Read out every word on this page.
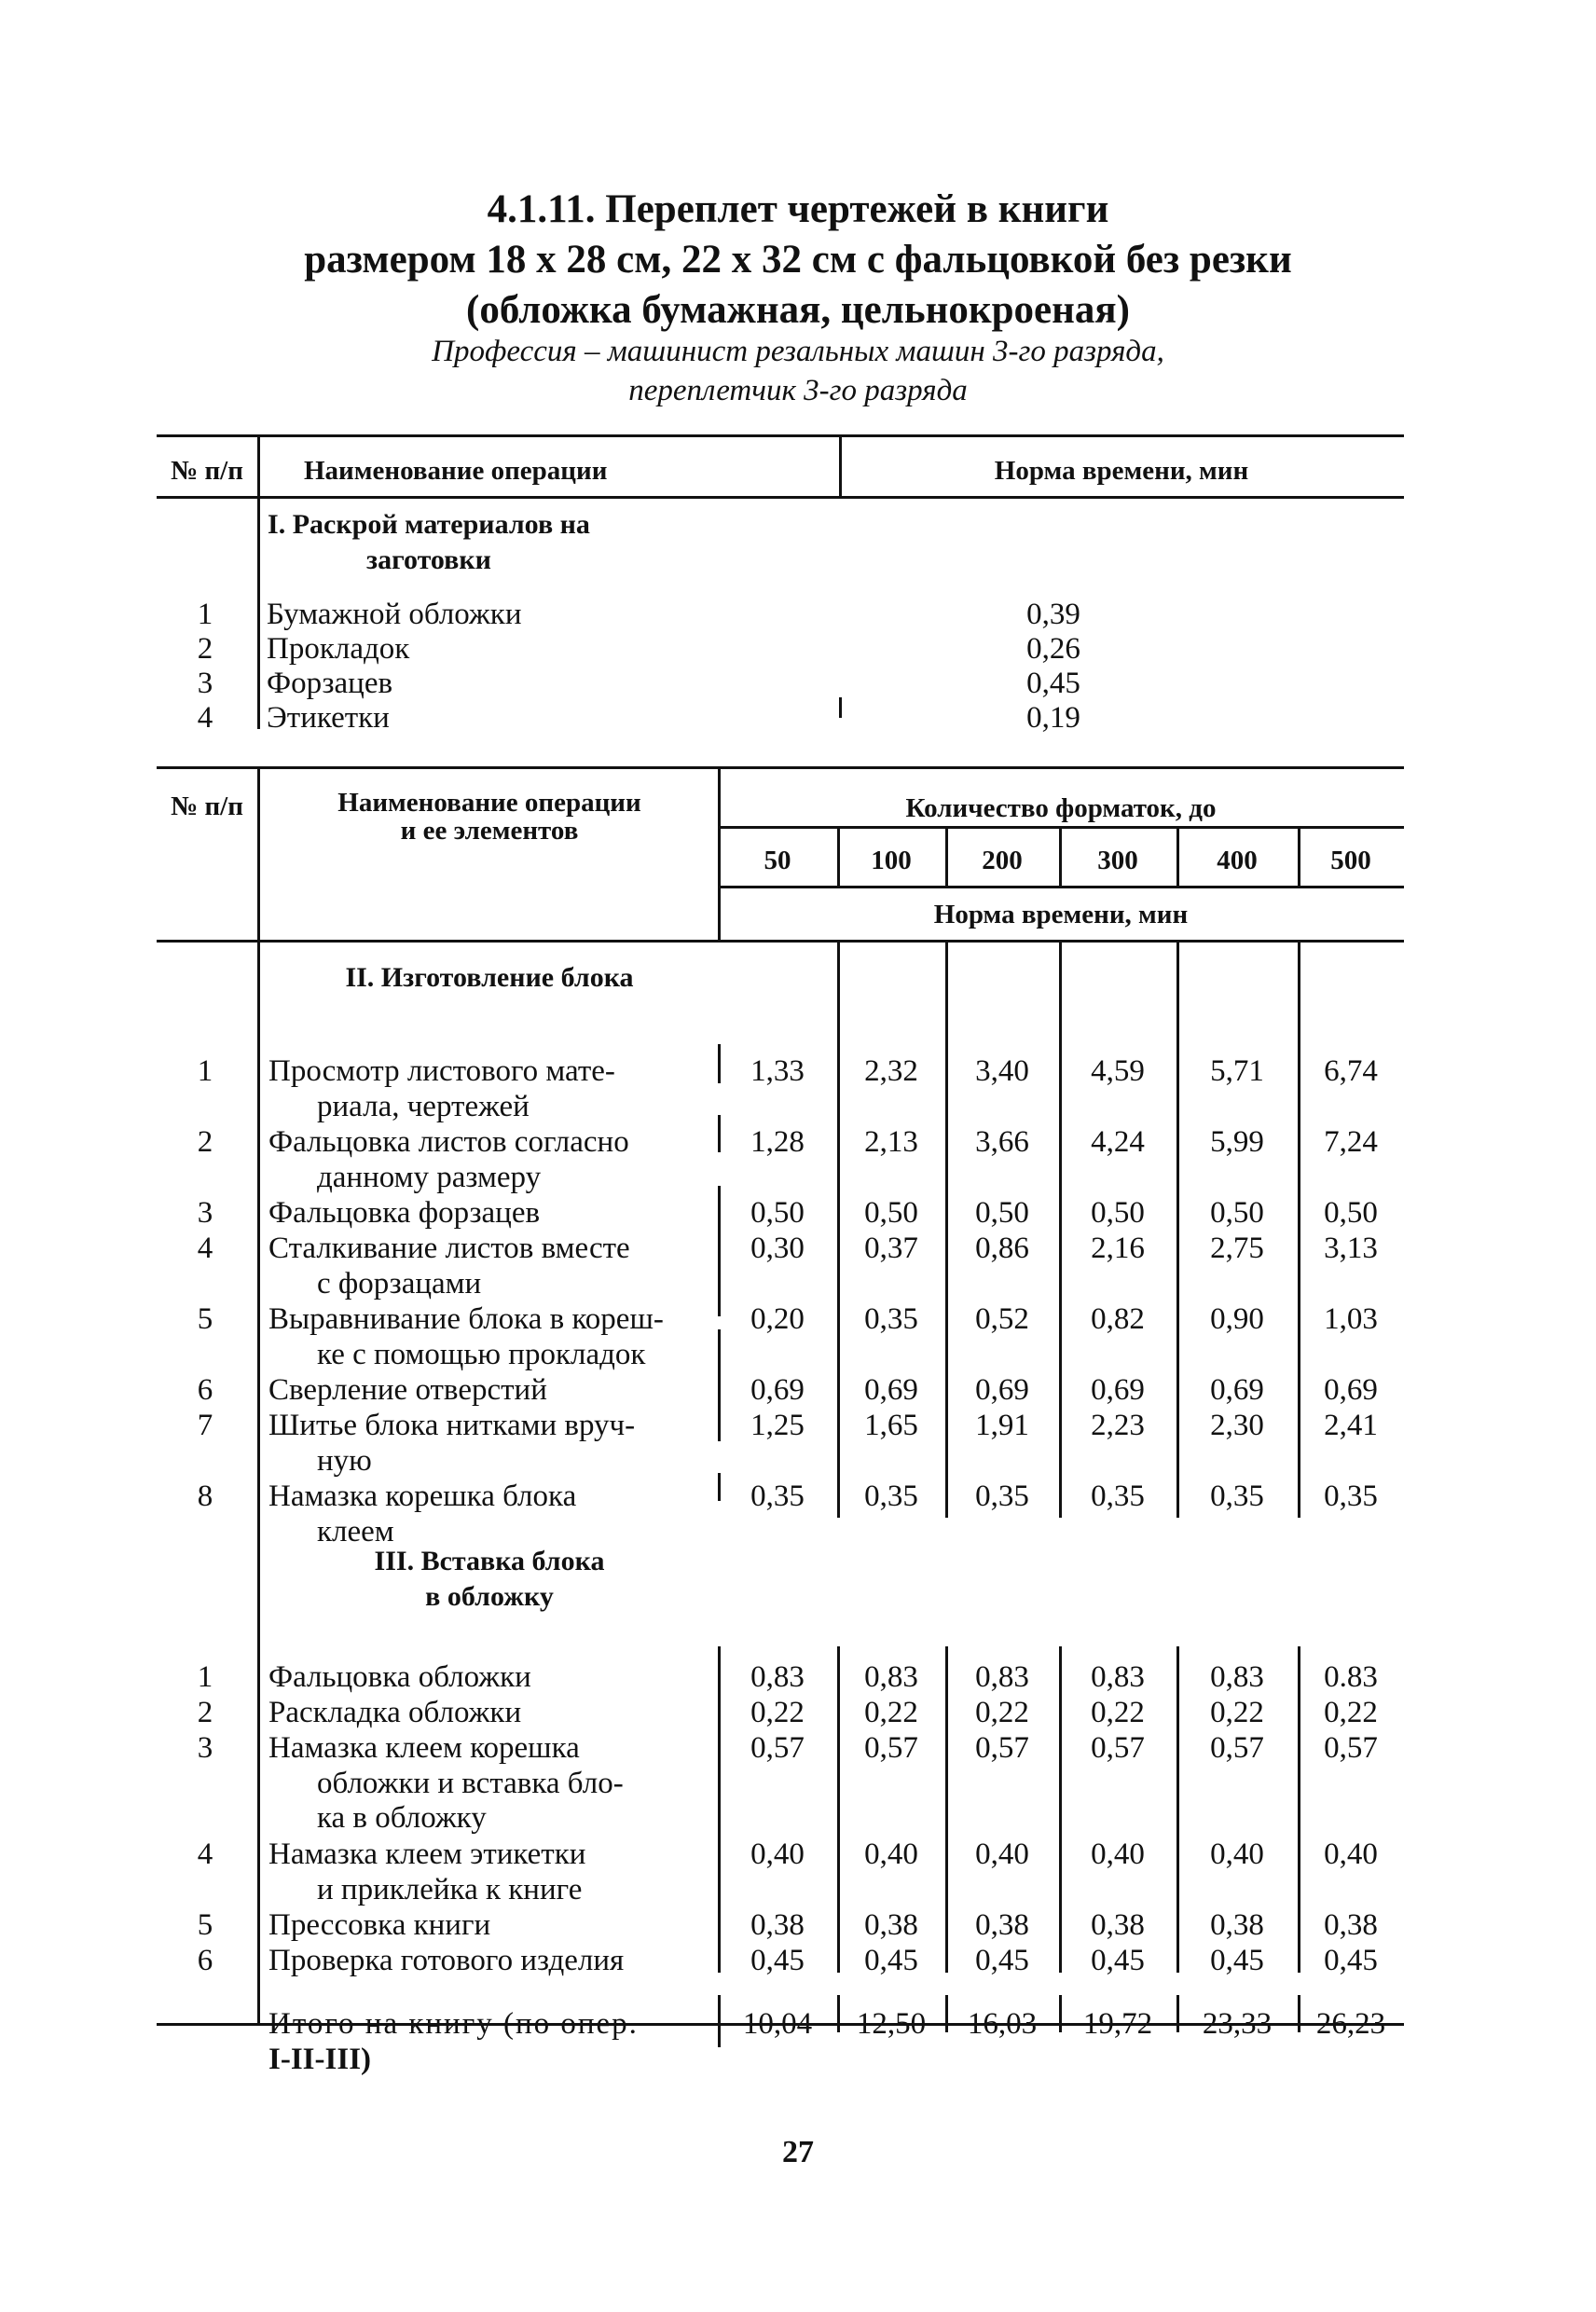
4.1.11. Переплет чертежей в книги
размером 18 x 28 см, 22 x 32 см с фальцовкой без резки
(обложка бумажная, цельнокроеная)
Профессия – машинист резальных машин 3-го разряда,
переплетчик 3-го разряда
№ п/п	Наименование операции	Норма времени, мин
I. Раскрой материалов на
заготовки
1	Бумажной обложки	0,39
2	Прокладок	0,26
3	Форзацев	0,45
4	Этикетки	0,19
№ п/п	Наименование операции
и ее элементов
Количество форматок, до
50	100	200	300	400	500
Норма времени, мин
II. Изготовление блока
1	Просмотр листового мате-
риала, чертежей
1,33	2,32	3,40	4,59	5,71	6,74
2	Фальцовка листов согласно
данному размеру
1,28	2,13	3,66	4,24	5,99	7,24
3	Фальцовка форзацев	0,50	0,50	0,50	0,50	0,50	0,50
4	Сталкивание листов вместе
с форзацами
0,30	0,37	0,86	2,16	2,75	3,13
5	Выравнивание блока в кореш-
ке с помощью прокладок
0,20	0,35	0,52	0,82	0,90	1,03
6	Сверление отверстий	0,69	0,69	0,69	0,69	0,69	0,69
7	Шитье блока нитками вруч-
ную
1,25	1,65	1,91	2,23	2,30	2,41
8	Намазка корешка блока
клеем
0,35	0,35	0,35	0,35	0,35	0,35
III. Вставка блока
в обложку
1	Фальцовка обложки	0,83	0,83	0,83	0,83	0,83	0.83
2	Раскладка обложки	0,22	0,22	0,22	0,22	0,22	0,22
3	Намазка клеем корешка
обложки и вставка бло-
ка в обложку
0,57	0,57	0,57	0,57	0,57	0,57
4	Намазка клеем этикетки
и приклейка к книге
0,40	0,40	0,40	0,40	0,40	0,40
5	Прессовка книги	0,38	0,38	0,38	0,38	0,38	0,38
6	Проверка готового изделия	0,45	0,45	0,45	0,45	0,45	0,45
Итого на книгу (по опер.
I-II-III)
10,04	12,50	16,03	19,72	23,33	26,23
27
